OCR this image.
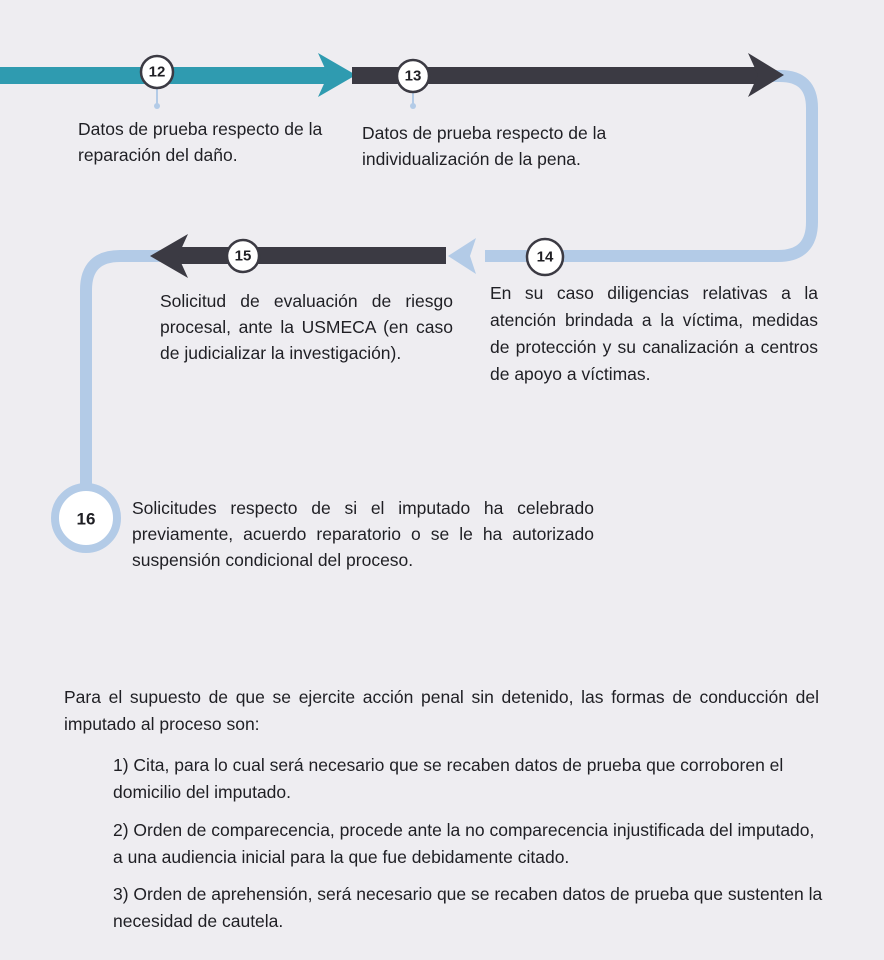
12	13
14
15
16

Datos de prueba respecto de la reparación del daño.

Datos de prueba respecto de la individualización de la pena.

En su caso diligencias relativas a la atención brindada a la víctima, medidas de protección y su canalización a centros de apoyo a víctimas.

Solicitud de evaluación de riesgo procesal, ante la USMECA (en caso de judicializar la investigación).

Solicitudes respecto de si el imputado ha celebrado previamente, acuerdo reparatorio o se le ha autorizado suspensión condicional del proceso.

Para el supuesto de que se ejercite acción penal sin detenido, las formas de conducción del imputado al proceso son:

1) Cita, para lo cual será necesario que se recaben datos de prueba que corroboren el domicilio del imputado.

2) Orden de comparecencia, procede ante la no comparecencia injustificada del imputado, a una audiencia inicial para la que fue debidamente citado.

3) Orden de aprehensión, será necesario que se recaben datos de prueba que sustenten la necesidad de cautela.
